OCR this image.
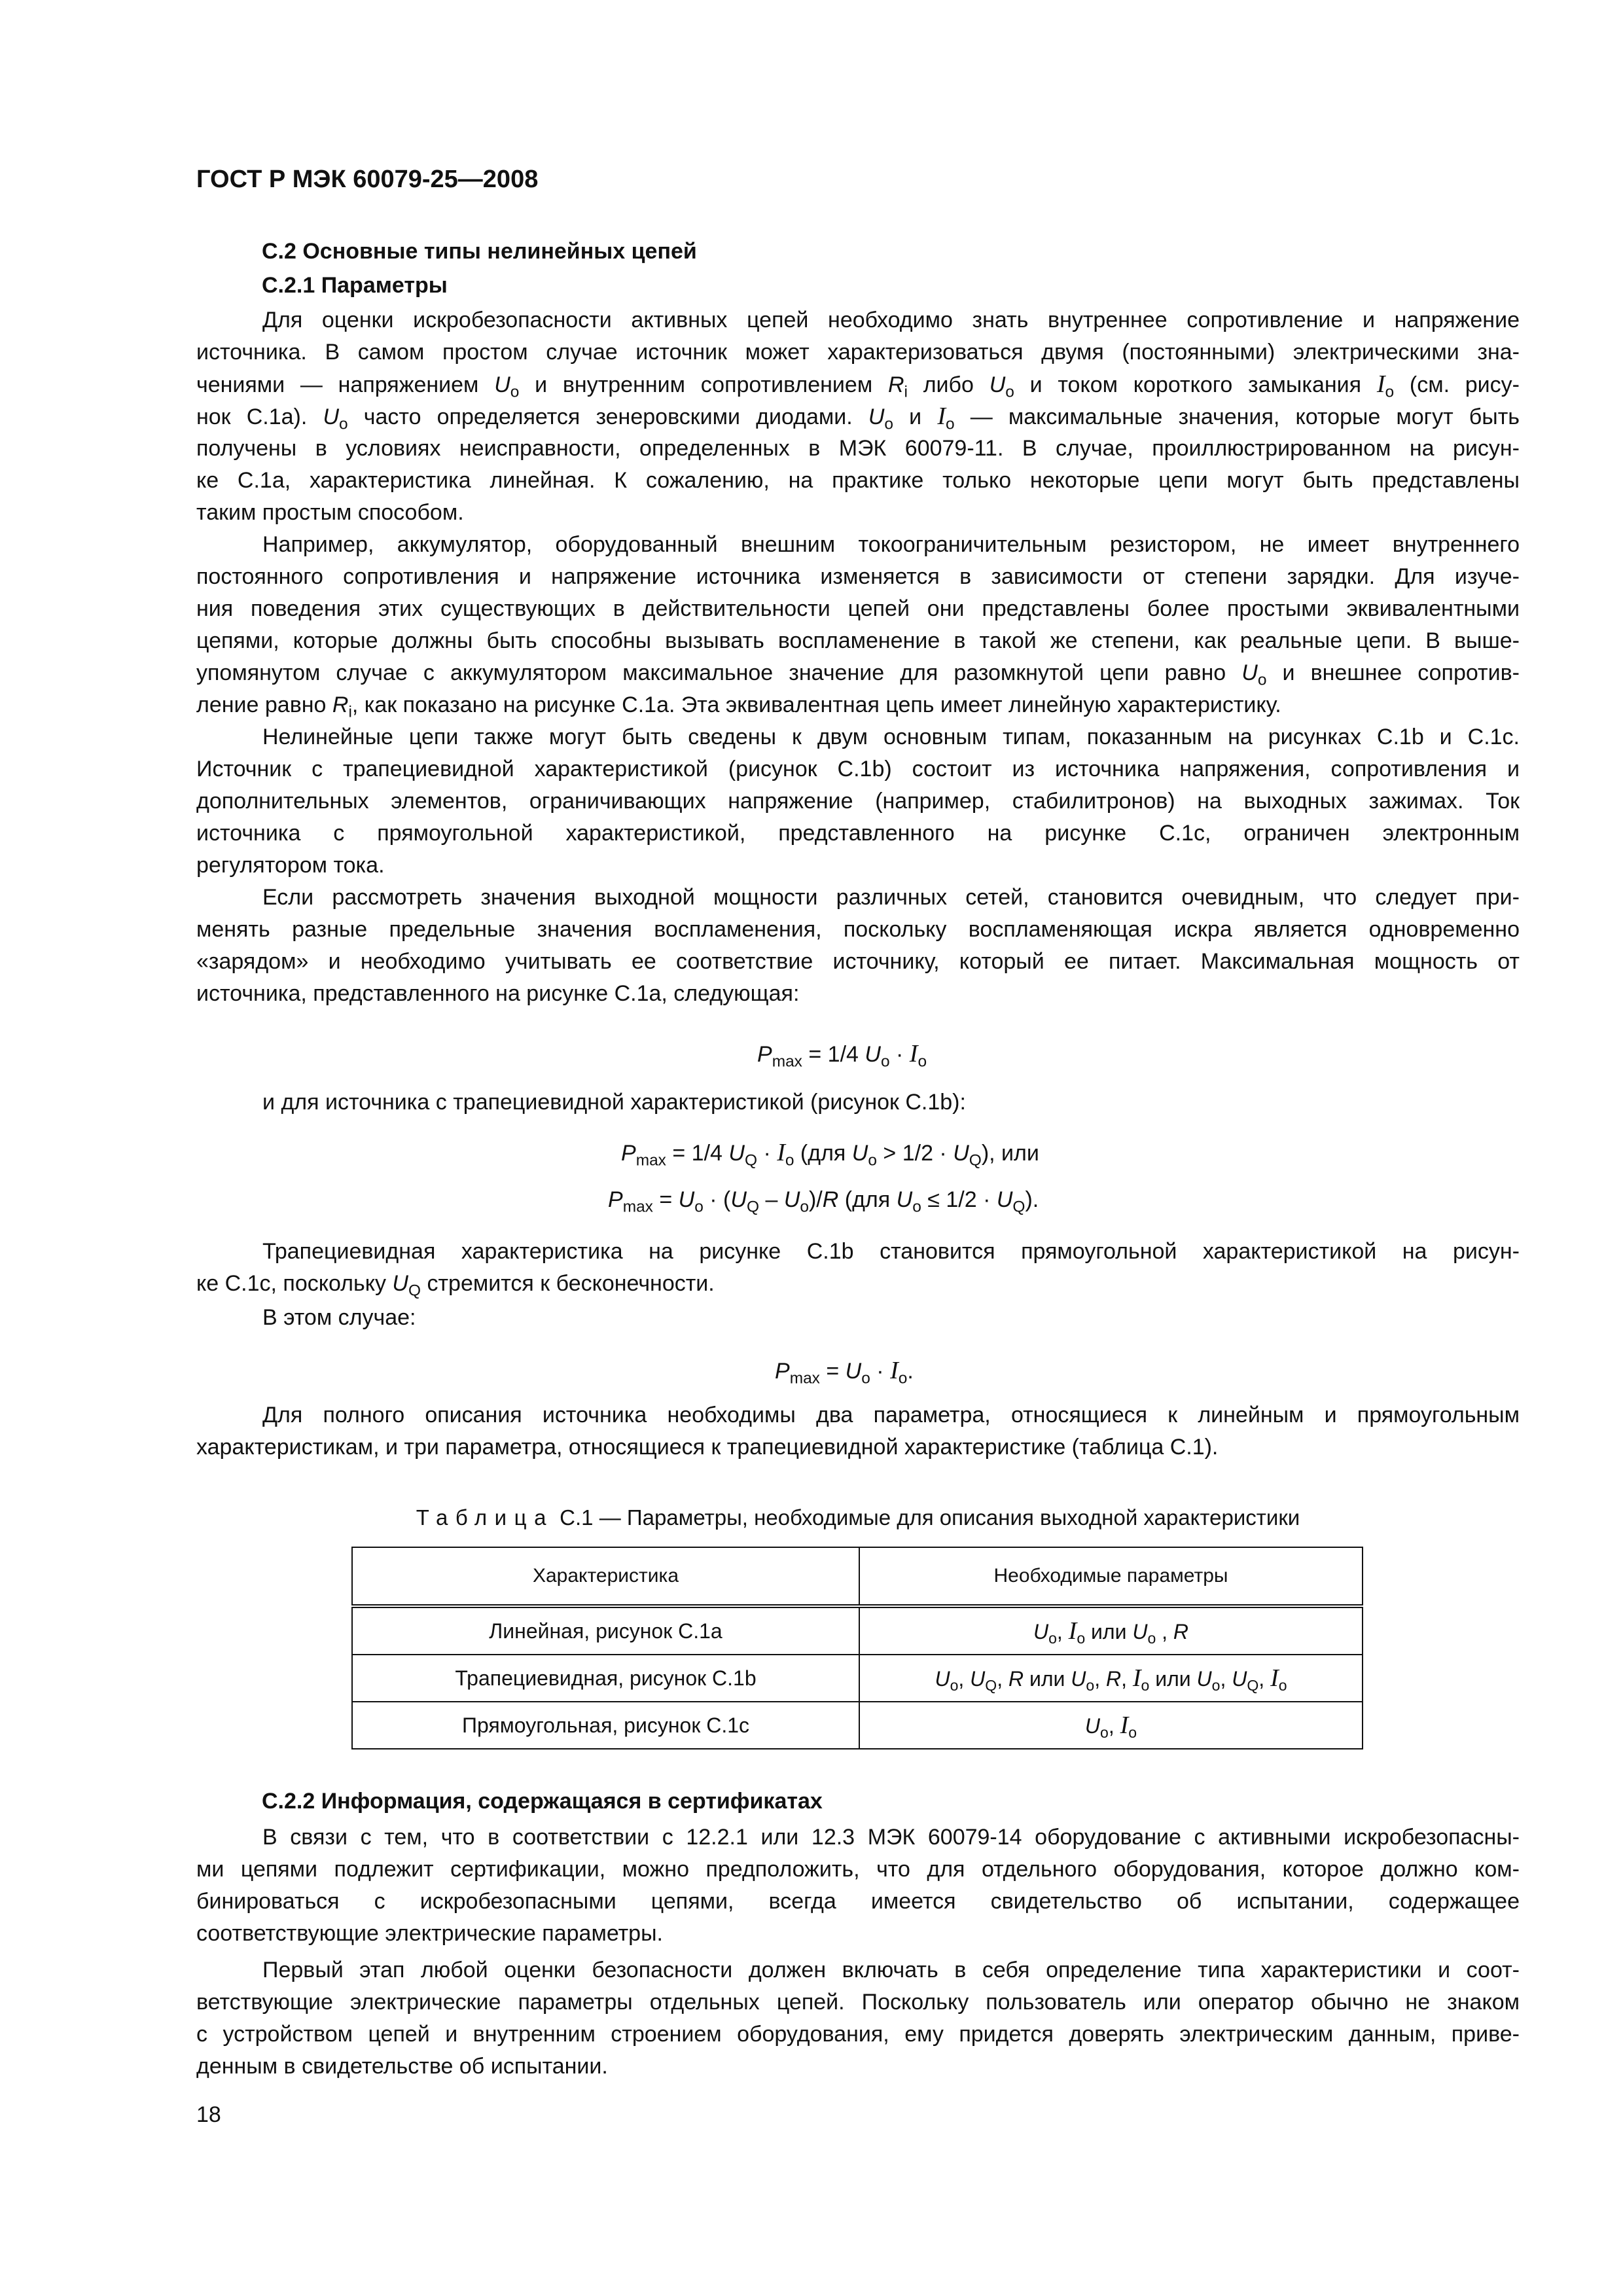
ГОСТ Р МЭК 60079-25—2008
С.2 Основные типы нелинейных цепей
С.2.1 Параметры
Для оценки искробезопасности активных цепей необходимо знать внутреннее сопротивление и напряжение
источника. В самом простом случае источник может характеризоваться двумя (постоянными) электрическими зна-
чениями — напряжением $U_o$ и внутренним сопротивлением $R_i$ либо $U_o$ и током короткого замыкания $I_o$ (см. рису-
нок С.1a). $U_o$ часто определяется зенеровскими диодами. $U_o$ и $I_o$ — максимальные значения, которые могут быть
получены в условиях неисправности, определенных в МЭК 60079-11. В случае, проиллюстрированном на рисун-
ке С.1a, характеристика линейная. К сожалению, на практике только некоторые цепи могут быть представлены
таким простым способом.
Например, аккумулятор, оборудованный внешним токоограничительным резистором, не имеет внутреннего
постоянного сопротивления и напряжение источника изменяется в зависимости от степени зарядки. Для изуче-
ния поведения этих существующих в действительности цепей они представлены более простыми эквивалентными
цепями, которые должны быть способны вызывать воспламенение в такой же степени, как реальные цепи. В выше-
упомянутом случае с аккумулятором максимальное значение для разомкнутой цепи равно $U_o$ и внешнее сопротив-
ление равно $R_i$, как показано на рисунке С.1a. Эта эквивалентная цепь имеет линейную характеристику.
Нелинейные цепи также могут быть сведены к двум основным типам, показанным на рисунках С.1b и С.1c.
Источник с трапециевидной характеристикой (рисунок С.1b) состоит из источника напряжения, сопротивления и
дополнительных элементов, ограничивающих напряжение (например, стабилитронов) на выходных зажимах. Ток
источника с прямоугольной характеристикой, представленного на рисунке С.1c, ограничен электронным
регулятором тока.
Если рассмотреть значения выходной мощности различных сетей, становится очевидным, что следует при-
менять разные предельные значения воспламенения, поскольку воспламеняющая искра является одновременно
«зарядом» и необходимо учитывать ее соответствие источнику, который ее питает. Максимальная мощность от
источника, представленного на рисунке С.1a, следующая:
$P_{max} = 1/4$ $U_o \cdot I_o$
и для источника с трапециевидной характеристикой (рисунок С.1b):
$P_{max} = 1/4$ $U_Q \cdot I_o$ (для $U_o > 1/2 \cdot U_Q$), или
$P_{max} = U_o \cdot (U_Q - U_o)/R$ (для $U_o \le 1/2 \cdot U_Q$).
Трапециевидная характеристика на рисунке С.1b становится прямоугольной характеристикой на рисун-
ке С.1c, поскольку $U_Q$ стремится к бесконечности.
В этом случае:
$P_{max} = U_o \cdot I_o$.
Для полного описания источника необходимы два параметра, относящиеся к линейным и прямоугольным
характеристикам, и три параметра, относящиеся к трапециевидной характеристике (таблица С.1).
Таблица С.1 — Параметры, необходимые для описания выходной характеристики
Характеристика	Необходимые параметры
Линейная, рисунок С.1a	$U_o$, $I_o$ или $U_o$ , R
Трапециевидная, рисунок С.1b	$U_o$, $U_Q$, R или $U_o$, R, $I_o$ или $U_o$, $U_Q$, $I_o$
Прямоугольная, рисунок С.1c	$U_o$, $I_o$
С.2.2 Информация, содержащаяся в сертификатах
В связи с тем, что в соответствии с 12.2.1 или 12.3 МЭК 60079-14 оборудование с активными искробезопасны-
ми цепями подлежит сертификации, можно предположить, что для отдельного оборудования, которое должно ком-
бинироваться с искробезопасными цепями, всегда имеется свидетельство об испытании, содержащее
соответствующие электрические параметры.
Первый этап любой оценки безопасности должен включать в себя определение типа характеристики и соот-
ветствующие электрические параметры отдельных цепей. Поскольку пользователь или оператор обычно не знаком
с устройством цепей и внутренним строением оборудования, ему придется доверять электрическим данным, приве-
денным в свидетельстве об испытании.
18
